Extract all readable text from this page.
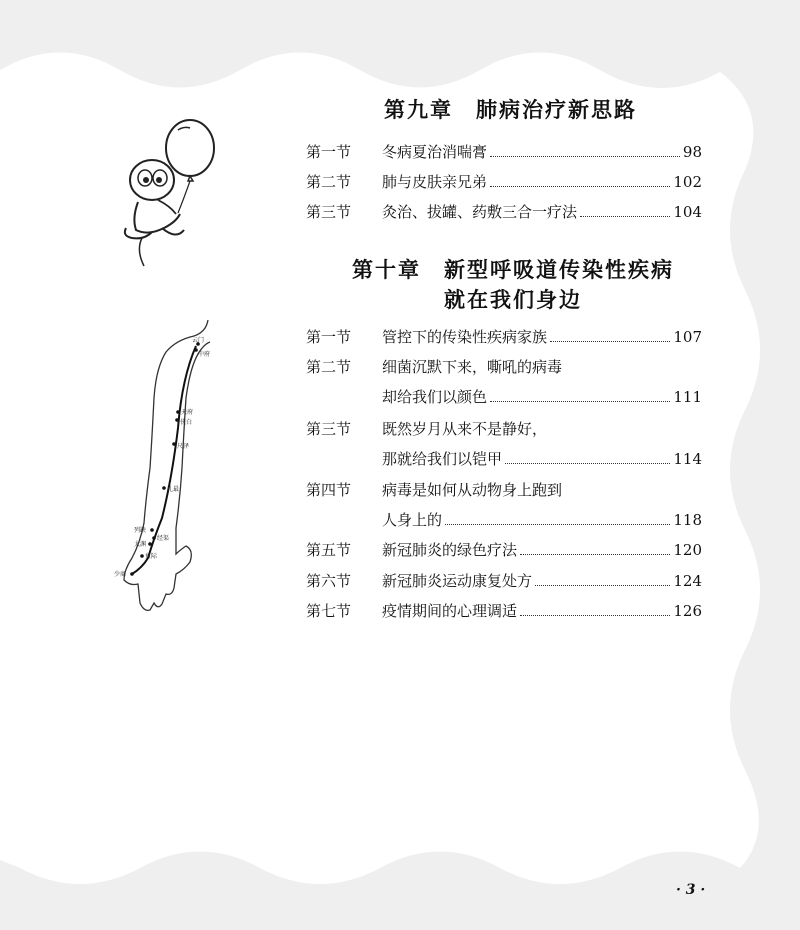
云门
中府
天府
侠白
尺泽
孔最
列缺
经渠
太渊
鱼际
少商
第九章　肺病治疗新思路
第一节	冬病夏治消喘膏	98
第二节	肺与皮肤亲兄弟	102
第三节	灸治、拔罐、药敷三合一疗法	104
第十章　新型呼吸道传染性疾病
就在我们身边
第一节	管控下的传染性疾病家族	107
第二节	细菌沉默下来，嘶吼的病毒
却给我们以颜色	111
第三节	既然岁月从来不是静好，
那就给我们以铠甲	114
第四节	病毒是如何从动物身上跑到
人身上的	118
第五节	新冠肺炎的绿色疗法	120
第六节	新冠肺炎运动康复处方	124
第七节	疫情期间的心理调适	126
· 3 ·
